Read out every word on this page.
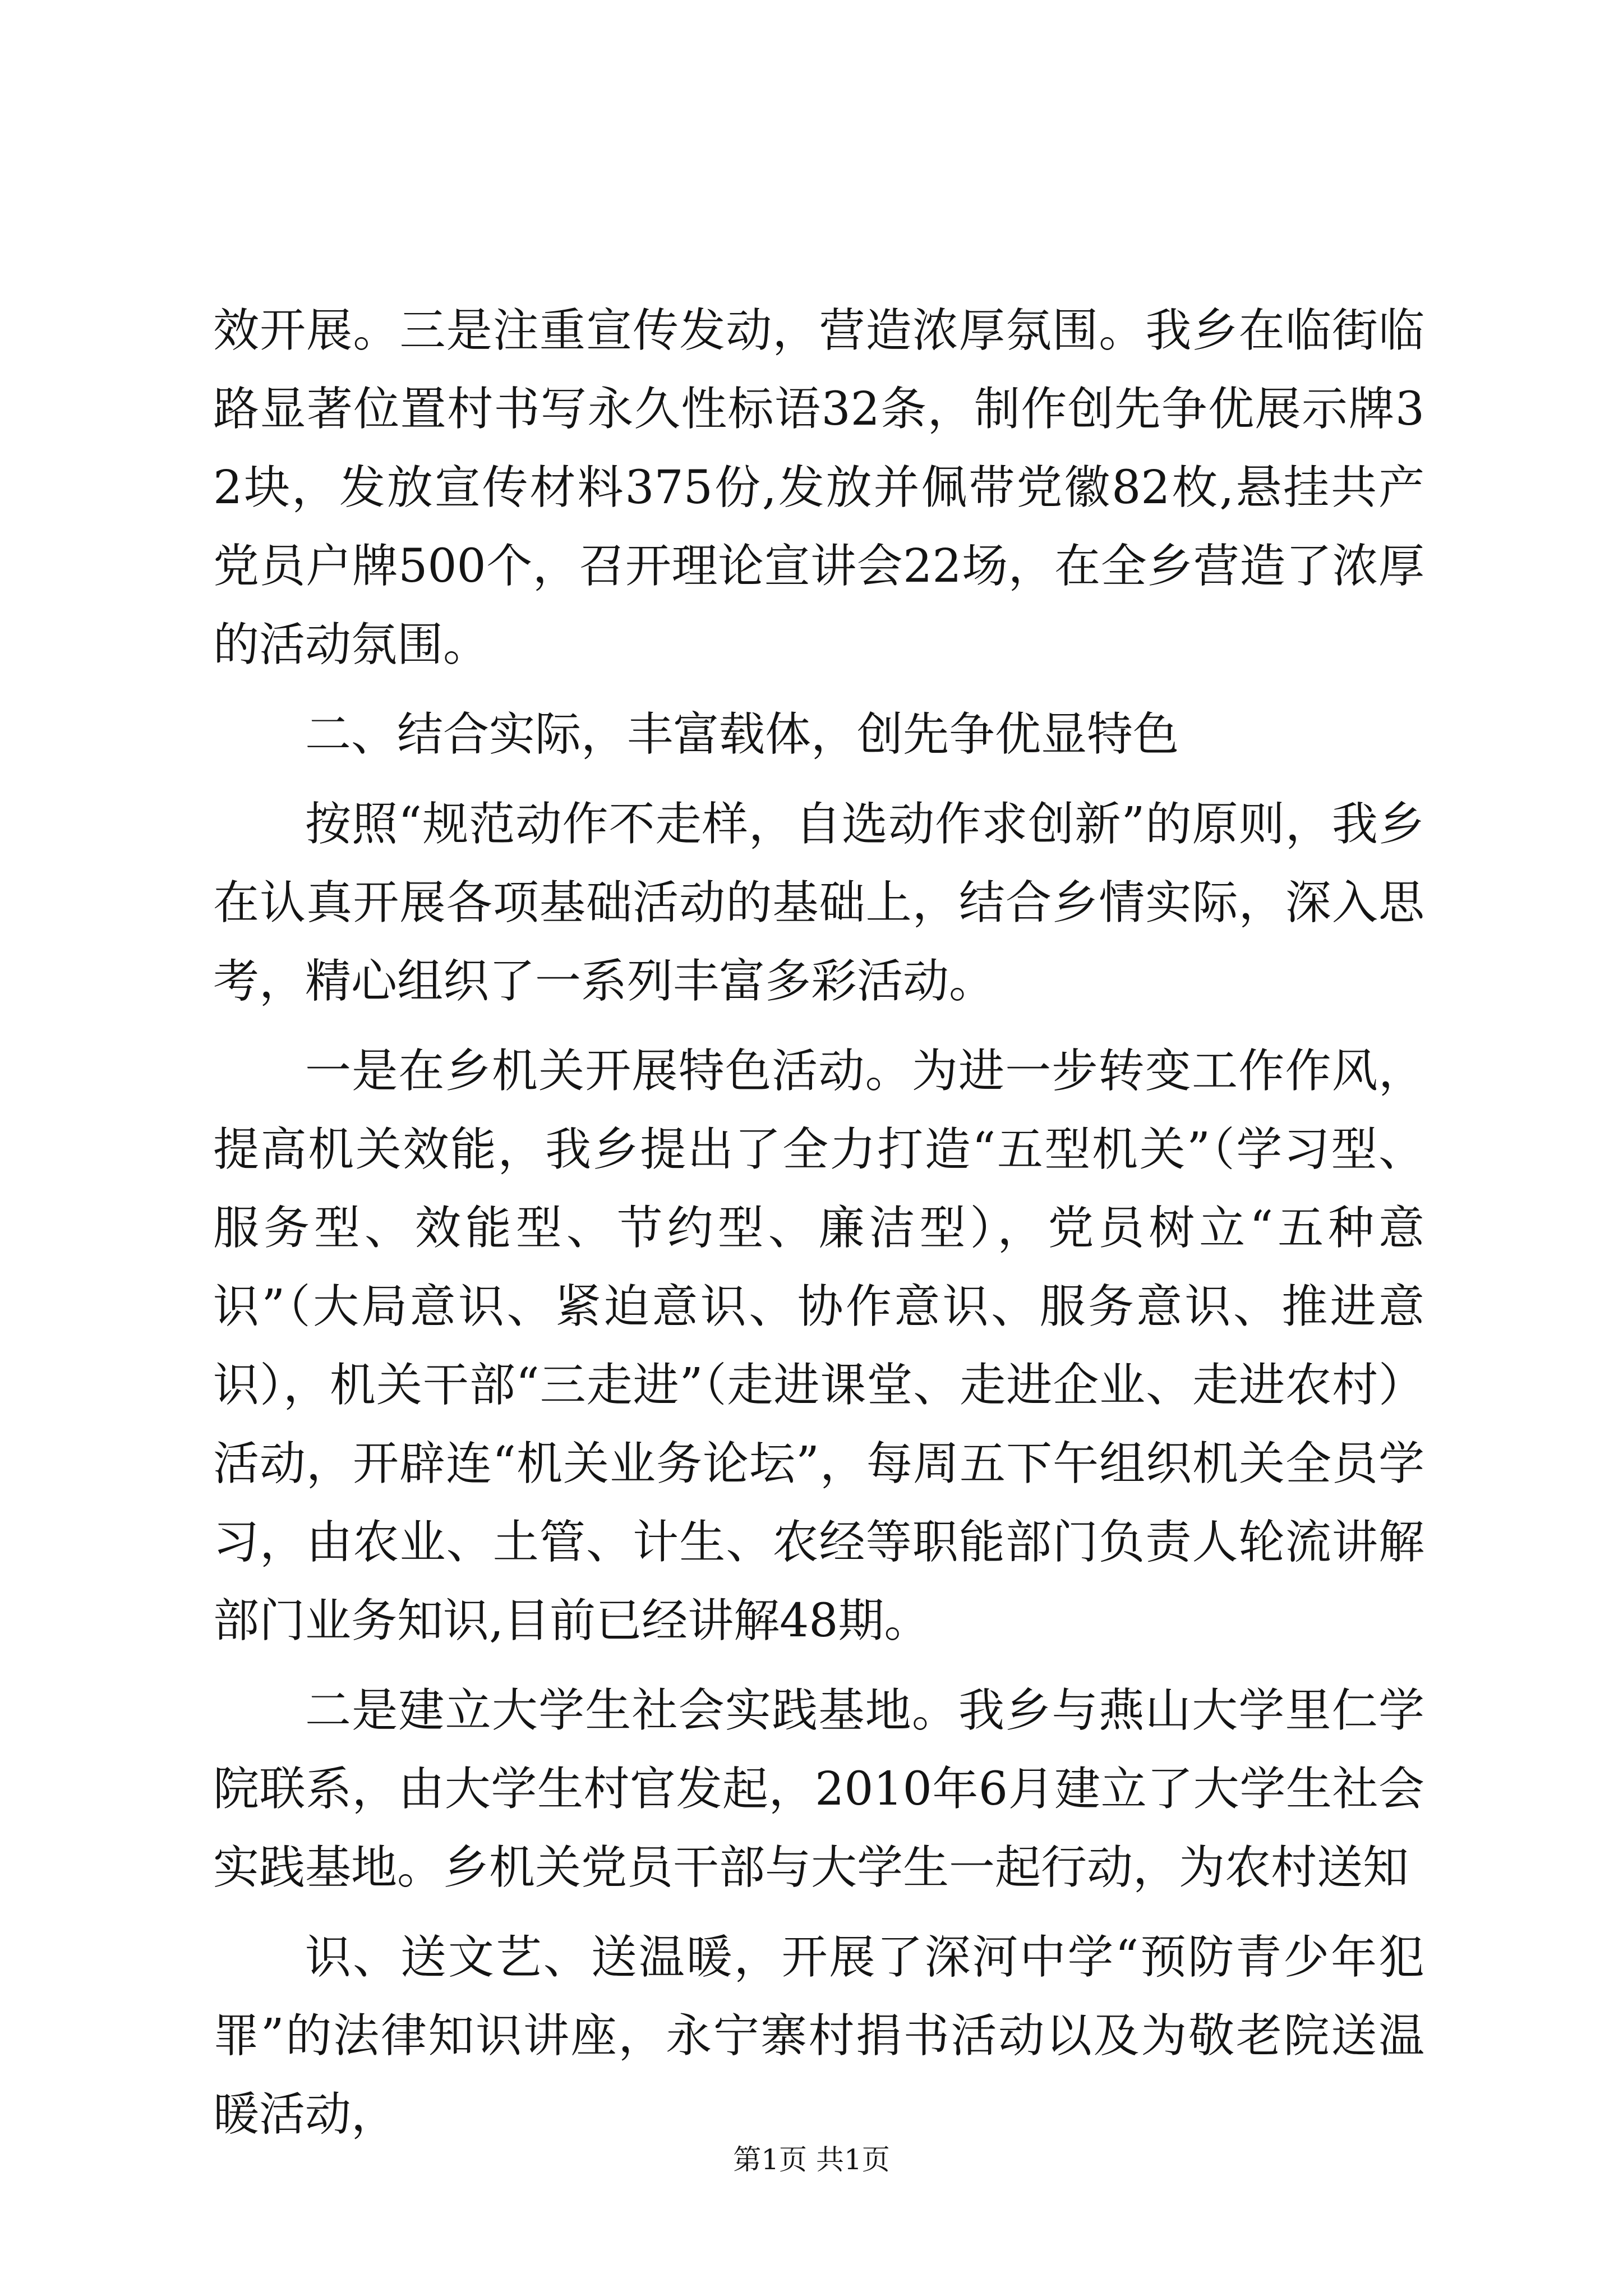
效开展。三是注重宣传发动，营造浓厚氛围。我乡在临街临路显著位置村书写永久性标语32条，制作创先争优展示牌32块，发放宣传材料375份,发放并佩带党徽82枚,悬挂共产党员户牌500个，召开理论宣讲会22场，在全乡营造了浓厚的活动氛围。

二、结合实际，丰富载体，创先争优显特色

按照“规范动作不走样，自选动作求创新”的原则，我乡在认真开展各项基础活动的基础上，结合乡情实际，深入思考，精心组织了一系列丰富多彩活动。

一是在乡机关开展特色活动。为进一步转变工作作风，提高机关效能，我乡提出了全力打造“五型机关”（学习型、服务型、效能型、节约型、廉洁型），党员树立“五种意识”（大局意识、紧迫意识、协作意识、服务意识、推进意识），机关干部“三走进”（走进课堂、走进企业、走进农村）活动，开辟连“机关业务论坛”，每周五下午组织机关全员学习，由农业、土管、计生、农经等职能部门负责人轮流讲解部门业务知识,目前已经讲解48期。

二是建立大学生社会实践基地。我乡与燕山大学里仁学院联系，由大学生村官发起，2010年6月建立了大学生社会实践基地。乡机关党员干部与大学生一起行动，为农村送知

识、送文艺、送温暖，开展了深河中学“预防青少年犯罪”的法律知识讲座，永宁寨村捐书活动以及为敬老院送温暖活动，

第1页 共1页
